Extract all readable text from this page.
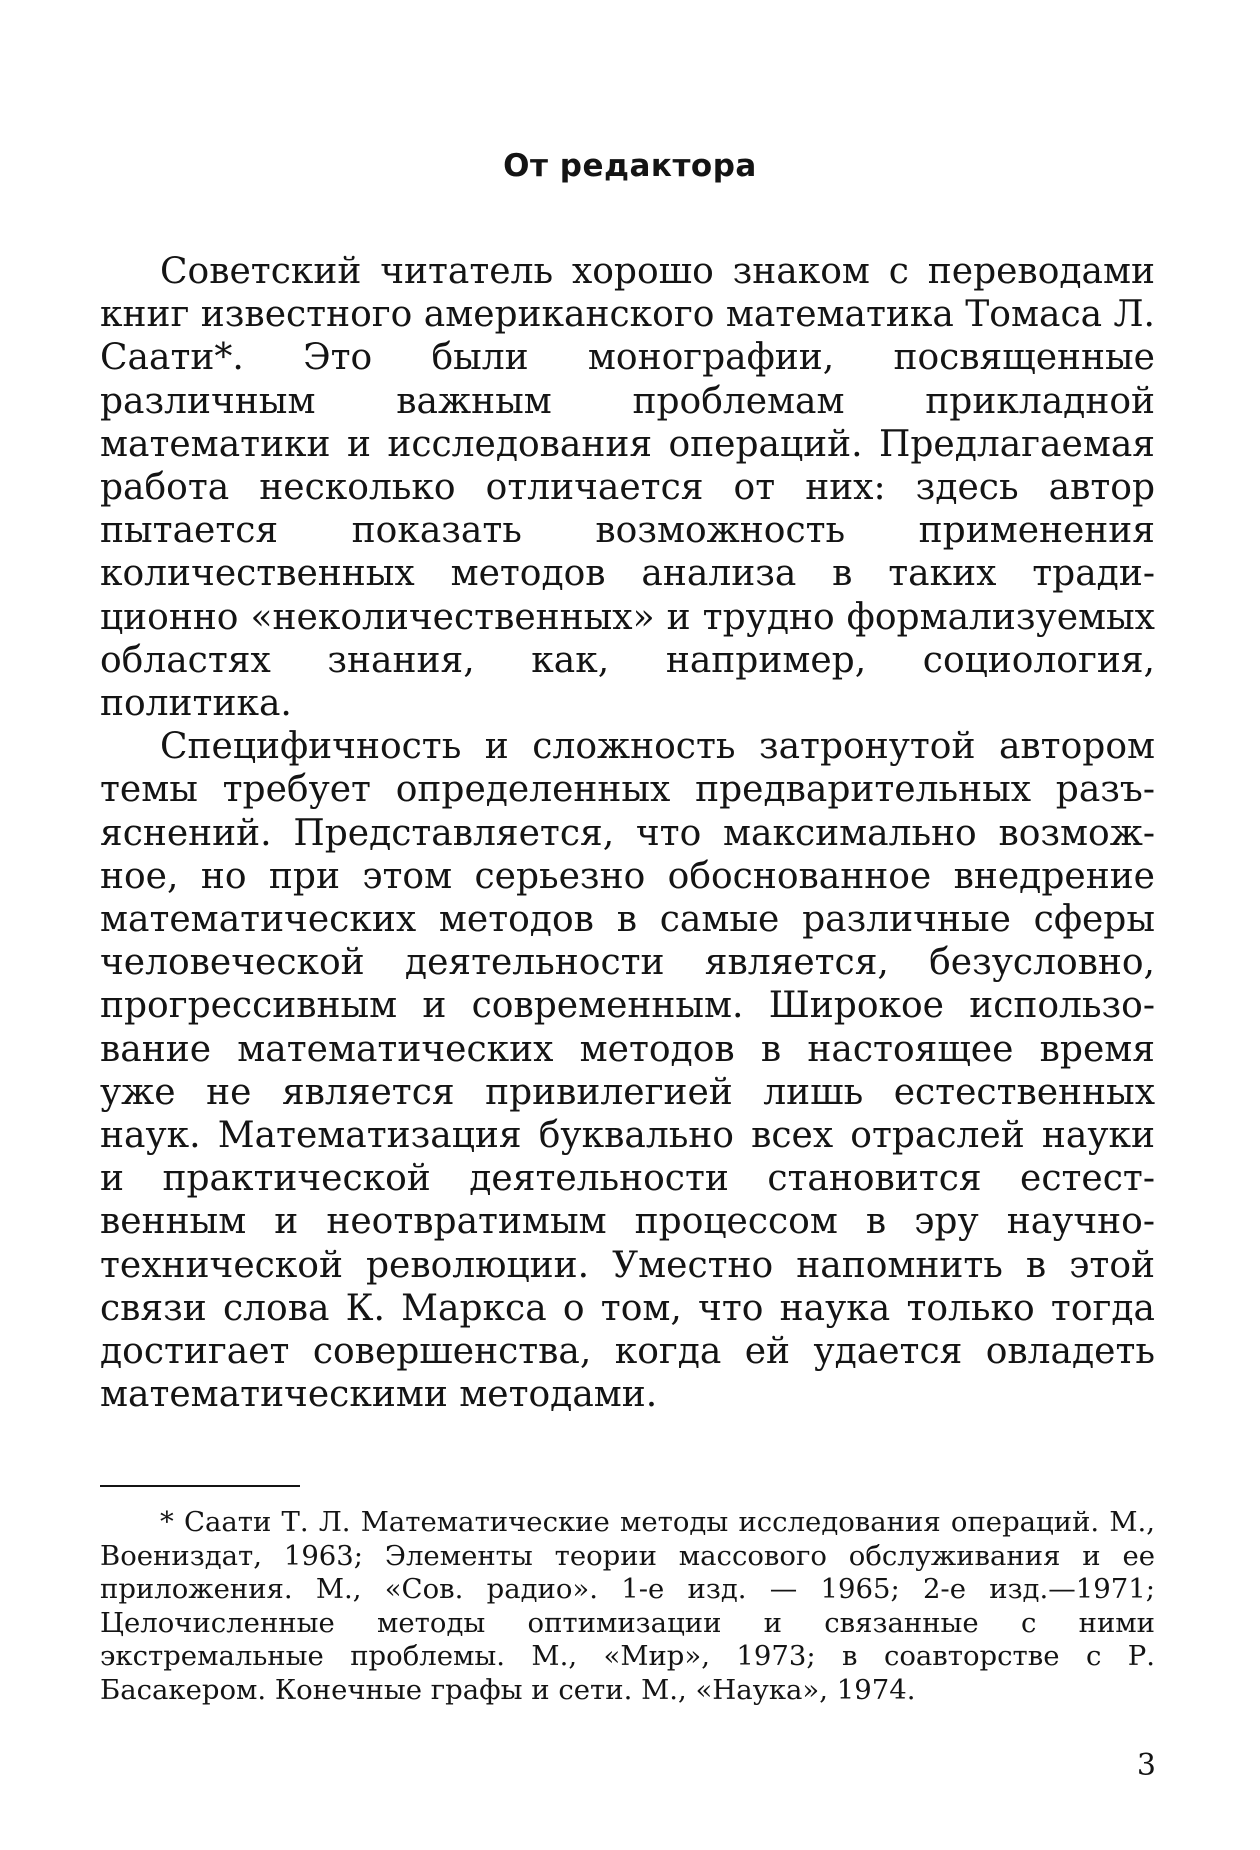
От редактора

Советский читатель хорошо знаком с переводами книг известного американского математика Томаса Л. Саати*. Это были монографии, посвященные различным важным проблемам прикладной математики и исследования операций. Предлагаемая работа несколько отличается от них: здесь автор пытается показать возможность применения количественных методов анализа в таких традиционно «неколичественных» и трудно формализуемых областях знания, как, например, социология, политика.

Специфичность и сложность затронутой автором темы требует определенных предварительных разъяснений. Представляется, что максимально возможное, но при этом серьезно обоснованное внедрение математических методов в самые различные сферы человеческой деятельности является, безусловно, прогрессивным и современным. Широкое использование математических методов в настоящее время уже не является привилегией лишь естественных наук. Математизация буквально всех отраслей науки и практической деятельности становится естественным и неотвратимым процессом в эру научно-технической революции. Уместно напомнить в этой связи слова К. Маркса о том, что наука только тогда достигает совершенства, когда ей удается овладеть математическими методами.

* Саати Т. Л. Математические методы исследования операций. М., Воениздат, 1963; Элементы теории массового обслуживания и ее приложения. М., «Сов. радио». 1-е изд. — 1965; 2-е изд.—1971; Целочисленные методы оптимизации и связанные с ними экстремальные проблемы. М., «Мир», 1973; в соавторстве с Р. Басакером. Конечные графы и сети. М., «Наука», 1974.
3
